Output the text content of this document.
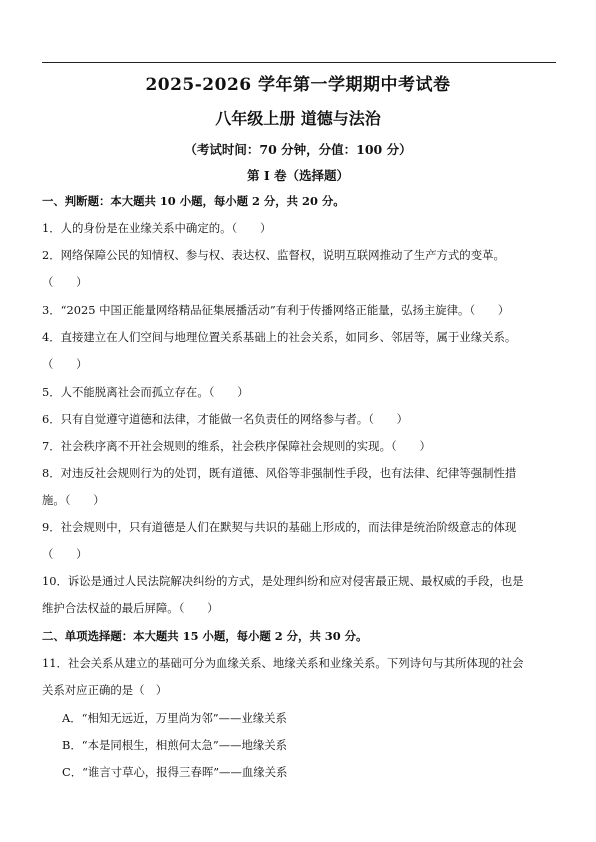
2025-2026 学年第一学期期中考试卷
八年级上册 道德与法治
（考试时间：70 分钟，分值：100 分）
第 I 卷（选择题）
一、判断题：本大题共 10 小题，每小题 2 分，共 20 分。
1．人的身份是在业缘关系中确定的。（　　）
2．网络保障公民的知情权、参与权、表达权、监督权，说明互联网推动了生产方式的变革。
（　　）
3．“2025 中国正能量网络精品征集展播活动”有利于传播网络正能量，弘扬主旋律。（　　）
4．直接建立在人们空间与地理位置关系基础上的社会关系，如同乡、邻居等，属于业缘关系。
（　　）
5．人不能脱离社会而孤立存在。（　　）
6．只有自觉遵守道德和法律，才能做一名负责任的网络参与者。（　　）
7．社会秩序离不开社会规则的维系，社会秩序保障社会规则的实现。（　　）
8．对违反社会规则行为的处罚，既有道德、风俗等非强制性手段，也有法律、纪律等强制性措
施。（　　）
9．社会规则中，只有道德是人们在默契与共识的基础上形成的，而法律是统治阶级意志的体现
（　　）
10．诉讼是通过人民法院解决纠纷的方式，是处理纠纷和应对侵害最正规、最权威的手段，也是
维护合法权益的最后屏障。（　　）
二、单项选择题：本大题共 15 小题，每小题 2 分，共 30 分。
11．社会关系从建立的基础可分为血缘关系、地缘关系和业缘关系。下列诗句与其所体现的社会
关系对应正确的是（　）
A．“相知无远近，万里尚为邻”——业缘关系
B．“本是同根生，相煎何太急”——地缘关系
C．“谁言寸草心，报得三春晖”——血缘关系
